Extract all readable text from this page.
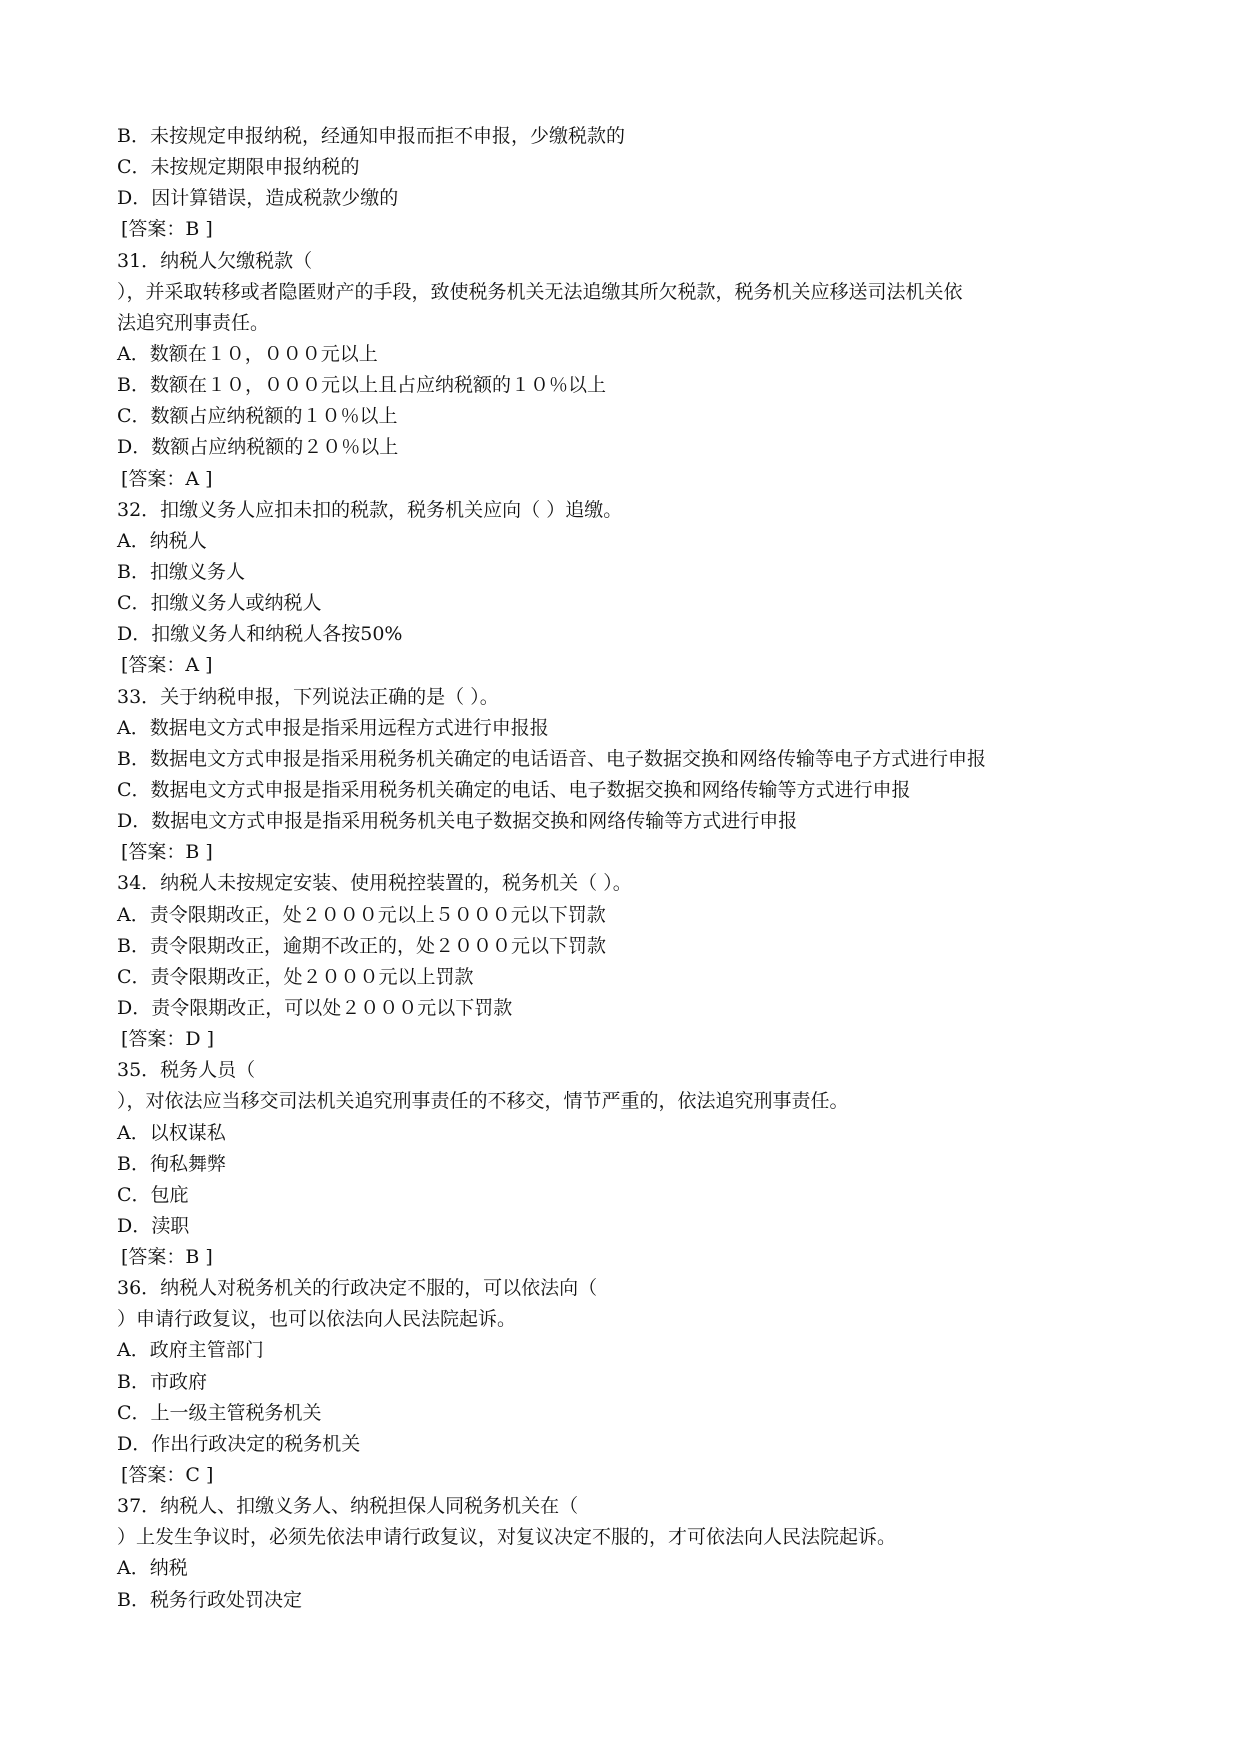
B．未按规定申报纳税，经通知申报而拒不申报，少缴税款的
C．未按规定期限申报纳税的
D．因计算错误，造成税款少缴的
[答案：B ]
31．纳税人欠缴税款（
），并采取转移或者隐匿财产的手段，致使税务机关无法追缴其所欠税款，税务机关应移送司法机关依
法追究刑事责任。
A．数额在１０，０００元以上
B．数额在１０，０００元以上且占应纳税额的１０％以上
C．数额占应纳税额的１０％以上
D．数额占应纳税额的２０％以上
[答案：A ]
32．扣缴义务人应扣未扣的税款，税务机关应向（ ）追缴。
A．纳税人
B．扣缴义务人
C．扣缴义务人或纳税人
D．扣缴义务人和纳税人各按50%
[答案：A ]
33．关于纳税申报，下列说法正确的是（ ）。
A．数据电文方式申报是指采用远程方式进行申报报
B．数据电文方式申报是指采用税务机关确定的电话语音、电子数据交换和网络传输等电子方式进行申报
C．数据电文方式申报是指采用税务机关确定的电话、电子数据交换和网络传输等方式进行申报
D．数据电文方式申报是指采用税务机关电子数据交换和网络传输等方式进行申报
[答案：B ]
34．纳税人未按规定安装、使用税控装置的，税务机关（ ）。
A．责令限期改正，处２０００元以上５０００元以下罚款
B．责令限期改正，逾期不改正的，处２０００元以下罚款
C．责令限期改正，处２０００元以上罚款
D．责令限期改正，可以处２０００元以下罚款
[答案：D ]
35．税务人员（
），对依法应当移交司法机关追究刑事责任的不移交，情节严重的，依法追究刑事责任。
A．以权谋私
B．徇私舞弊
C．包庇
D．渎职
[答案：B ]
36．纳税人对税务机关的行政决定不服的，可以依法向（
）申请行政复议，也可以依法向人民法院起诉。
A．政府主管部门
B．市政府
C．上一级主管税务机关
D．作出行政决定的税务机关
[答案：C ]
37．纳税人、扣缴义务人、纳税担保人同税务机关在（
）上发生争议时，必须先依法申请行政复议，对复议决定不服的，才可依法向人民法院起诉。
A．纳税
B．税务行政处罚决定
